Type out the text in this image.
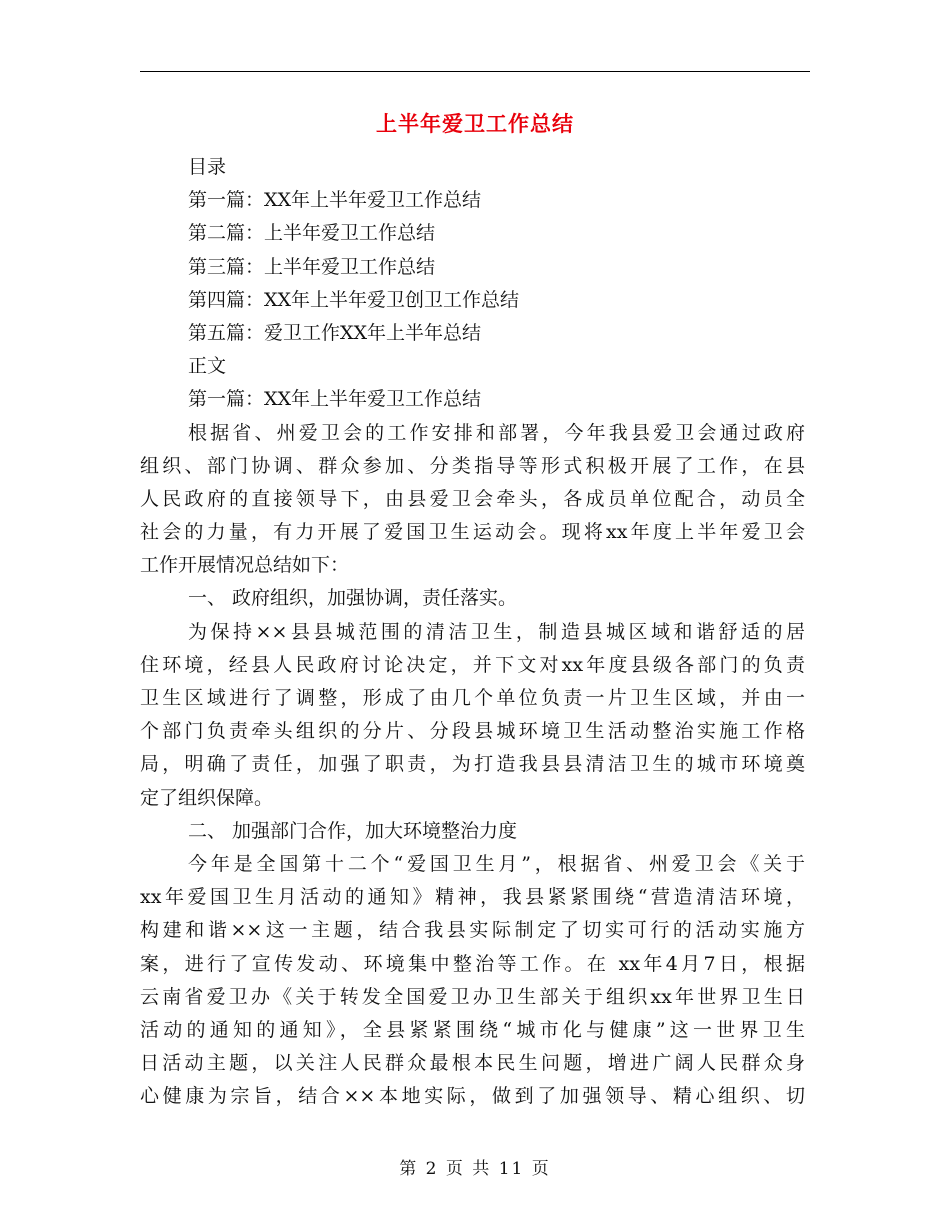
上半年爱卫工作总结
目录
第一篇：XX年上半年爱卫工作总结
第二篇：上半年爱卫工作总结
第三篇：上半年爱卫工作总结
第四篇：XX年上半年爱卫创卫工作总结
第五篇：爱卫工作XX年上半年总结
正文
第一篇：XX年上半年爱卫工作总结
根据省、州爱卫会的工作安排和部署，今年我县爱卫会通过政府
组织、部门协调、群众参加、分类指导等形式积极开展了工作，在县
人民政府的直接领导下，由县爱卫会牵头，各成员单位配合，动员全
社会的力量，有力开展了爱国卫生运动会。现将xx年度上半年爱卫会
工作开展情况总结如下：
一、 政府组织，加强协调，责任落实。
为保持××县县城范围的清洁卫生，制造县城区域和谐舒适的居
住环境，经县人民政府讨论决定，并下文对xx年度县级各部门的负责
卫生区域进行了调整，形成了由几个单位负责一片卫生区域，并由一
个部门负责牵头组织的分片、分段县城环境卫生活动整治实施工作格
局，明确了责任，加强了职责，为打造我县县清洁卫生的城市环境奠
定了组织保障。
二、 加强部门合作，加大环境整治力度
今年是全国第十二个“爱国卫生月”，根据省、州爱卫会《关于
xx年爱国卫生月活动的通知》精神，我县紧紧围绕“营造清洁环境，
构建和谐××这一主题，结合我县实际制定了切实可行的活动实施方
案，进行了宣传发动、环境集中整治等工作。在 xx年4月7日，根据
云南省爱卫办《关于转发全国爱卫办卫生部关于组织xx年世界卫生日
活动的通知的通知》，全县紧紧围绕“城市化与健康”这一世界卫生
日活动主题，以关注人民群众最根本民生问题，增进广阔人民群众身
心健康为宗旨，结合××本地实际，做到了加强领导、精心组织、切
第 2 页 共 11 页
